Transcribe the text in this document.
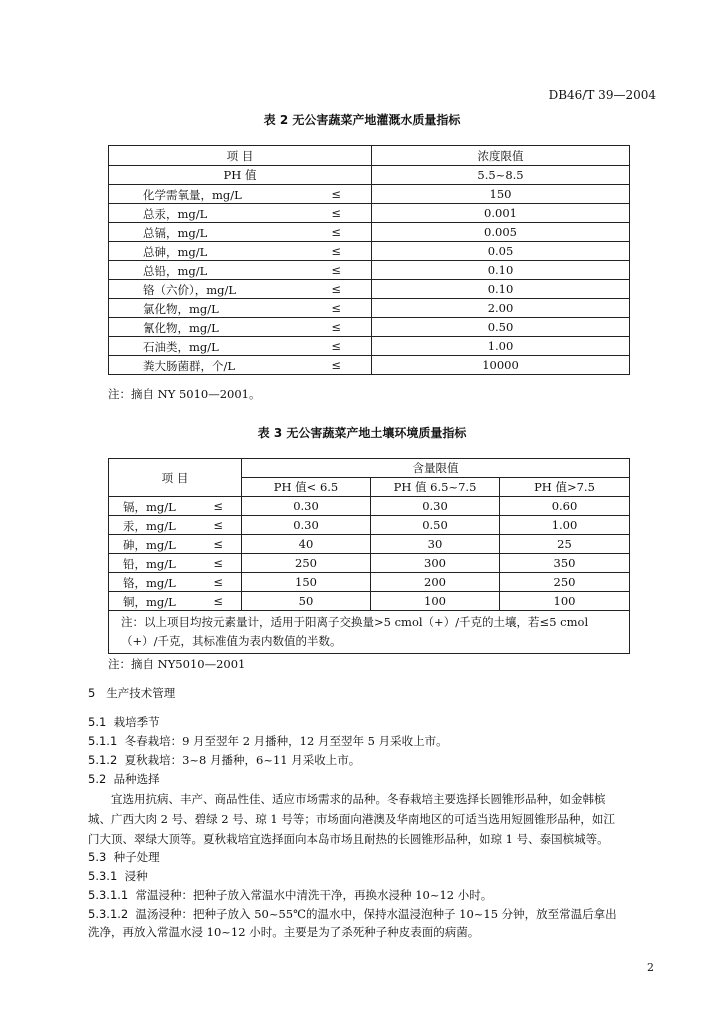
DB46/T 39—2004
表 2 无公害蔬菜产地灌溉水质量指标
项 目	浓度限值
PH 值	5.5~8.5

化学需氧量，mg/L ≤	150

总汞，mg/L ≤	0.001

总镉，mg/L ≤	0.005

总砷，mg/L ≤	0.05

总铅，mg/L ≤	0.10

铬（六价），mg/L ≤	0.10

氯化物，mg/L ≤	2.00

氰化物，mg/L ≤	0.50

石油类，mg/L ≤	1.00

粪大肠菌群，个/L ≤	10000
注：摘自 NY 5010—2001。
表 3 无公害蔬菜产地土壤环境质量指标
项 目	含量限值		
	PH 值< 6.5	PH 值 6.5~7.5	PH 值>7.5

镉，mg/L ≤	0.30	0.30	0.60

汞，mg/L ≤	0.30	0.50	1.00

砷，mg/L ≤	40	30	25

铅，mg/L ≤	250	300	350

铬，mg/L ≤	150	200	250

铜，mg/L ≤	50	100	100

注：以上项目均按元素量计，适用于阳离子交换量>5 cmol（+）/千克的土壤，若≤5 cmol
（+）/千克，其标准值为表内数值的半数。			
注：摘自 NY5010—2001
5 生产技术管理
5.1 栽培季节
5.1.1 冬春栽培：9 月至翌年 2 月播种，12 月至翌年 5 月采收上市。
5.1.2 夏秋栽培：3~8 月播种，6~11 月采收上市。
5.2 品种选择
宜选用抗病、丰产、商品性佳、适应市场需求的品种。冬春栽培主要选择长圆锥形品种，如金韩槟
城、广西大肉 2 号、碧绿 2 号、琼 1 号等；市场面向港澳及华南地区的可适当选用短圆锥形品种，如江
门大顶、翠绿大顶等。夏秋栽培宜选择面向本岛市场且耐热的长圆锥形品种，如琼 1 号、泰国槟城等。
5.3 种子处理
5.3.1 浸种
5.3.1.1 常温浸种：把种子放入常温水中清洗干净，再换水浸种 10~12 小时。
5.3.1.2 温汤浸种：把种子放入 50~55℃的温水中，保持水温浸泡种子 10~15 分钟，放至常温后拿出
洗净，再放入常温水浸 10~12 小时。主要是为了杀死种子种皮表面的病菌。
2
